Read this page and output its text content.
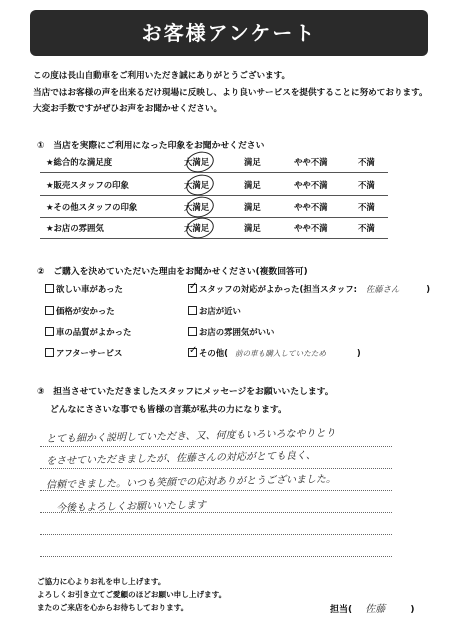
お客様アンケート
この度は長山自動車をご利用いただき誠にありがとうございます。
当店ではお客様の声を出来るだけ現場に反映し、より良いサービスを提供することに努めております。
大変お手数ですがぜひお声をお聞かせください。
①　当店を実際にご利用になった印象をお聞かせください
★総合的な満足度	大満足	満足	やや不満	不満
★販売スタッフの印象	大満足	満足	やや不満	不満
★その他スタッフの印象	大満足	満足	やや不満	不満
★お店の雰囲気	大満足	満足	やや不満	不満
②　ご購入を決めていただいた理由をお聞かせください(複数回答可)
欲しい車があった ✓	スタッフの対応がよかった(担当スタッフ: 佐藤さん	)
価格が安かった	お店が近い
車の品質がよかった	お店の雰囲気がいい
アフターサービス ✓	その他( 前の車も購入していたため	)
③　担当させていただきましたスタッフにメッセージをお願いいたします。
どんなにささいな事でも皆様の言葉が私共の力になります。
とても細かく説明していただき、又、何度もいろいろなやりとり
をさせていただきましたが、佐藤さんの対応がとても良く、
信頼できました。いつも笑顔での応対ありがとうございました。
今後もよろしくお願いいたします
ご協力に心よりお礼を申し上げます。
よろしくお引き立てご愛顧のほどお願い申し上げます。
またのご来店を心からお待ちしております。	担当( 佐藤	)
